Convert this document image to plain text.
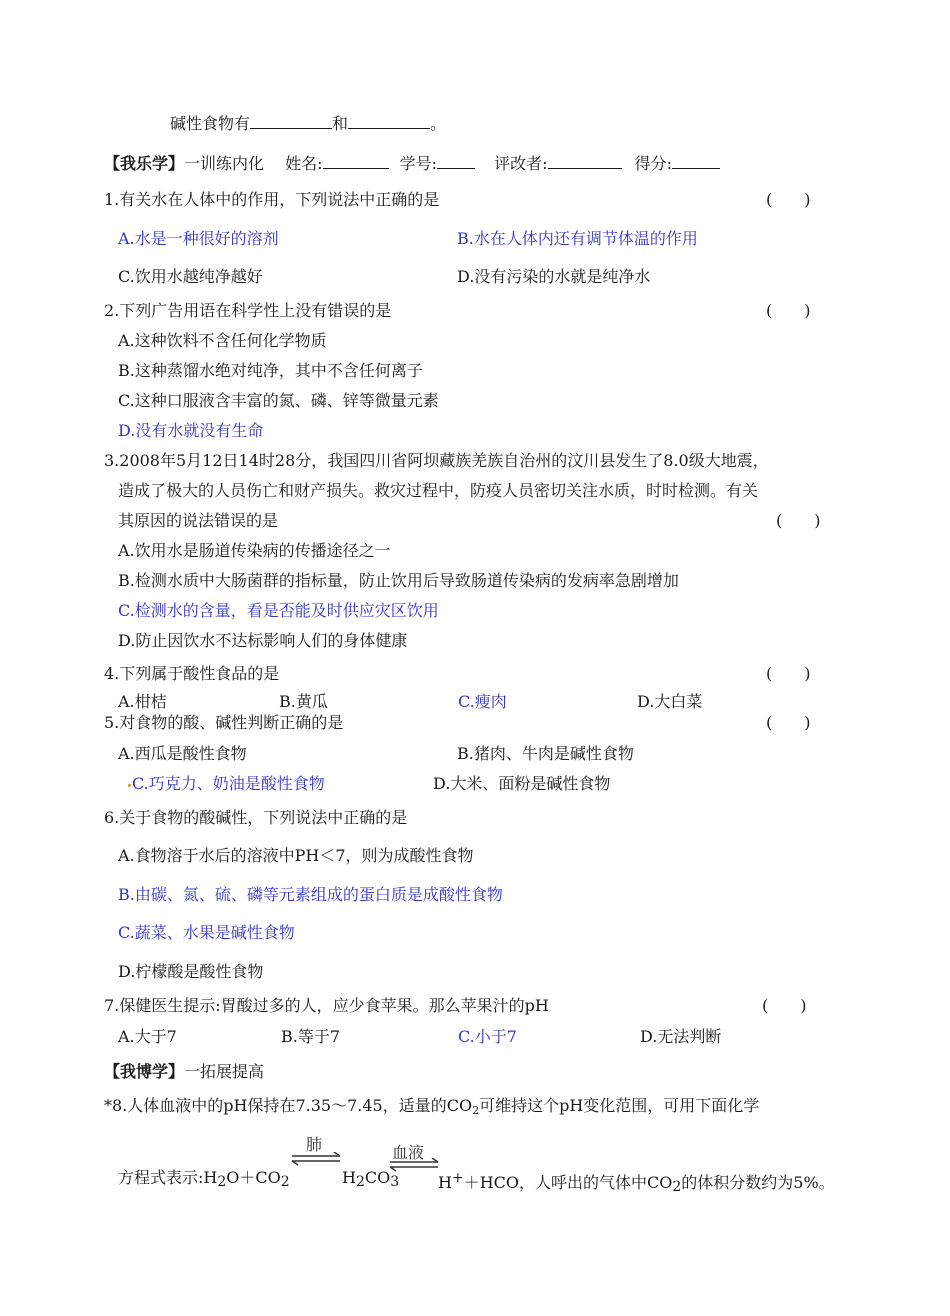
碱性食物有	和	。
【我乐学】一训练内化 姓名:	学号:	评改者:	得分:
1.有关水在人体中的作用，下列说法中正确的是	(　　)
A.水是一种很好的溶剂	B.水在人体内还有调节体温的作用
C.饮用水越纯净越好	D.没有污染的水就是纯净水
2.下列广告用语在科学性上没有错误的是	(　　)
A.这种饮料不含任何化学物质
B.这种蒸馏水绝对纯净，其中不含任何离子
C.这种口服液含丰富的氮、磷、锌等微量元素
D.没有水就没有生命
3.2008年5月12日14时28分，我国四川省阿坝藏族羌族自治州的汶川县发生了8.0级大地震，
造成了极大的人员伤亡和财产损失。救灾过程中，防疫人员密切关注水质，时时检测。有关
其原因的说法错误的是	(　　)
A.饮用水是肠道传染病的传播途径之一
B.检测水质中大肠菌群的指标量，防止饮用后导致肠道传染病的发病率急剧增加
C.检测水的含量，看是否能及时供应灾区饮用
D.防止因饮水不达标影响人们的身体健康
4.下列属于酸性食品的是	(　　)
A.柑桔	B.黄瓜	C.瘦肉	D.大白菜
5.对食物的酸、碱性判断正确的是	(　　)
A.西瓜是酸性食物	B.猪肉、牛肉是碱性食物
C.巧克力、奶油是酸性食物	D.大米、面粉是碱性食物
6.关于食物的酸碱性，下列说法中正确的是
A.食物溶于水后的溶液中PH＜7，则为成酸性食物
B.由碳、氮、硫、磷等元素组成的蛋白质是成酸性食物
C.蔬菜、水果是碱性食物
D.柠檬酸是酸性食物
7.保健医生提示:胃酸过多的人，应少食苹果。那么苹果汁的pH	(　　)
A.大于7	B.等于7	C.小于7	D.无法判断
【我博学】一拓展提高
*8.人体血液中的pH保持在7.35～7.45，适量的$CO_2$可维持这个pH变化范围，可用下面化学
方程式表示$:H_2O+CO_2$
肺
$H_2CO_3$
血液
H+＋HCO，人呼出的气体中$CO_2$的体积分数约为5%。
